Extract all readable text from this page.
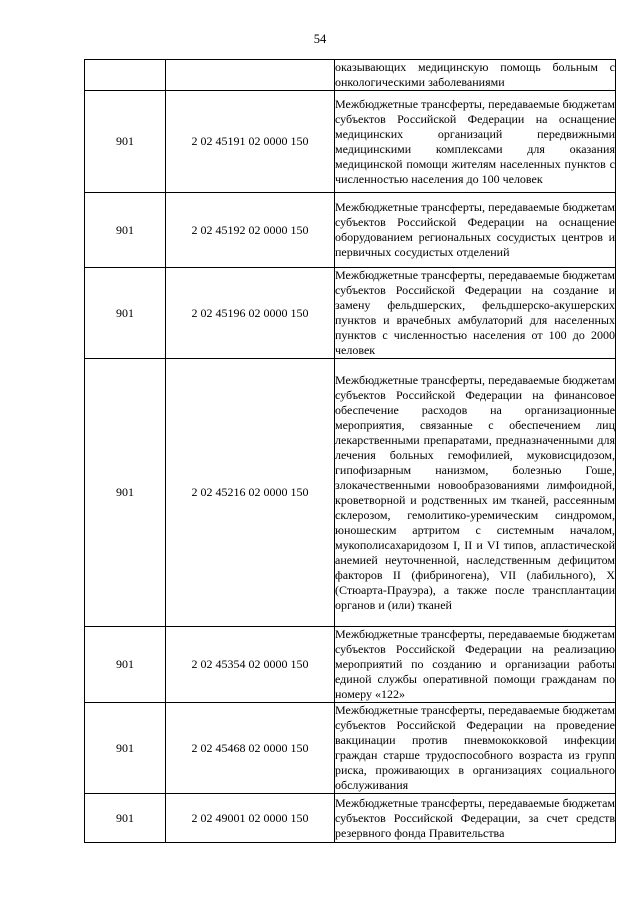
54

		оказывающих медицинскую помощь больным с онкологическими заболеваниями

901	2 02 45191 02 0000 150	Межбюджетные трансферты, передаваемые бюджетам субъектов Российской Федерации на оснащение медицинских организаций передвижными медицинскими комплексами для оказания медицинской помощи жителям населенных пунктов с численностью населения до 100 человек

901	2 02 45192 02 0000 150	Межбюджетные трансферты, передаваемые бюджетам субъектов Российской Федерации на оснащение оборудованием региональных сосудистых центров и первичных сосудистых отделений

901	2 02 45196 02 0000 150	Межбюджетные трансферты, передаваемые бюджетам субъектов Российской Федерации на создание и замену фельдшерских, фельдшерско-акушерских пунктов и врачебных амбулаторий для населенных пунктов с численностью населения от 100 до 2000 человек

901	2 02 45216 02 0000 150	Межбюджетные трансферты, передаваемые бюджетам субъектов Российской Федерации на финансовое обеспечение расходов на организационные мероприятия, связанные с обеспечением лиц лекарственными препаратами, предназначенными для лечения больных гемофилией, муковисцидозом, гипофизарным нанизмом, болезнью Гоше, злокачественными новообразованиями лимфоидной, кроветворной и родственных им тканей, рассеянным склерозом, гемолитико-уремическим синдромом, юношеским артритом с системным началом, мукополисахаридозом I, II и VI типов, апластической анемией неуточненной, наследственным дефицитом факторов II (фибриногена), VII (лабильного), X (Стюарта-Прауэра), а также после трансплантации органов и (или) тканей

901	2 02 45354 02 0000 150	Межбюджетные трансферты, передаваемые бюджетам субъектов Российской Федерации на реализацию мероприятий по созданию и организации работы единой службы оперативной помощи гражданам по номеру «122»

901	2 02 45468 02 0000 150	Межбюджетные трансферты, передаваемые бюджетам субъектов Российской Федерации на проведение вакцинации против пневмококковой инфекции граждан старше трудоспособного возраста из групп риска, проживающих в организациях социального обслуживания

901	2 02 49001 02 0000 150	Межбюджетные трансферты, передаваемые бюджетам субъектов Российской Федерации, за счет средств резервного фонда Правительства
